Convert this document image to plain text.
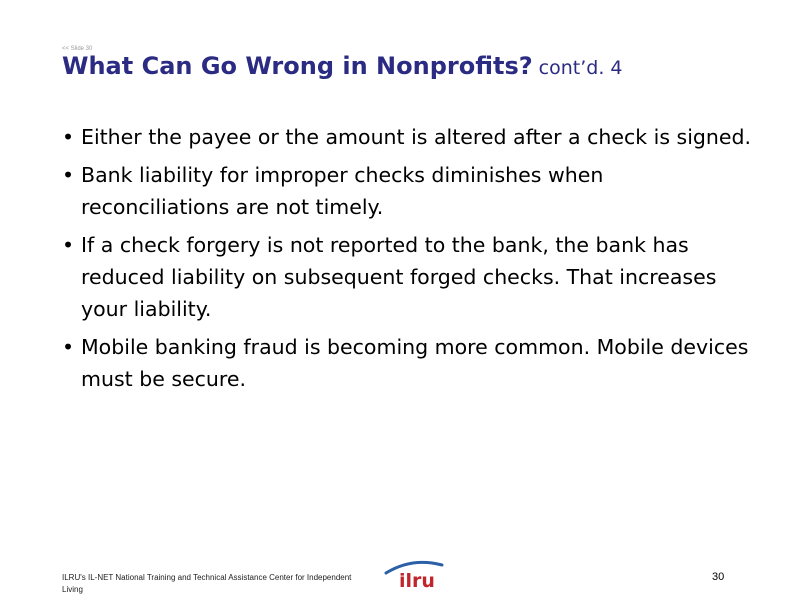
<< Slide 30
What Can Go Wrong in Nonprofits? cont’d. 4
• Either the payee or the amount is altered after a check is signed.
• Bank liability for improper checks diminishes when reconciliations are not timely.
• If a check forgery is not reported to the bank, the bank has reduced liability on subsequent forged checks. That increases your liability.
• Mobile banking fraud is becoming more common. Mobile devices must be secure.
ILRU's IL-NET National Training and Technical Assistance Center for Independent Living	ilru	30
